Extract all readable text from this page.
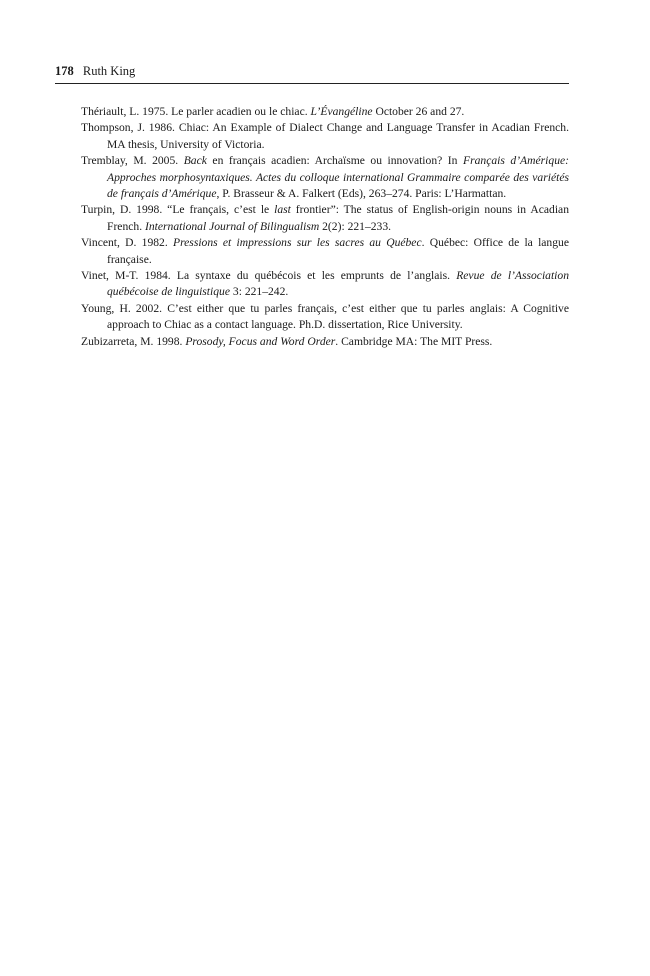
178 Ruth King

Thériault, L. 1975. Le parler acadien ou le chiac. L’Évangéline October 26 and 27.

Thompson, J. 1986. Chiac: An Example of Dialect Change and Language Transfer in Acadian French. MA thesis, University of Victoria.

Tremblay, M. 2005. Back en français acadien: Archaïsme ou innovation? In Français d’Amérique: Approches morphosyntaxiques. Actes du colloque international Grammaire comparée des variétés de français d’Amérique, P. Brasseur & A. Falkert (Eds), 263–274. Paris: L’Harmattan.

Turpin, D. 1998. “Le français, c’est le last frontier”: The status of English-origin nouns in Acadian French. International Journal of Bilingualism 2(2): 221–233.

Vincent, D. 1982. Pressions et impressions sur les sacres au Québec. Québec: Office de la langue française.

Vinet, M-T. 1984. La syntaxe du québécois et les emprunts de l’anglais. Revue de l’Association québécoise de linguistique 3: 221–242.

Young, H. 2002. C’est either que tu parles français, c’est either que tu parles anglais: A Cognitive approach to Chiac as a contact language. Ph.D. dissertation, Rice University.

Zubizarreta, M. 1998. Prosody, Focus and Word Order. Cambridge MA: The MIT Press.
